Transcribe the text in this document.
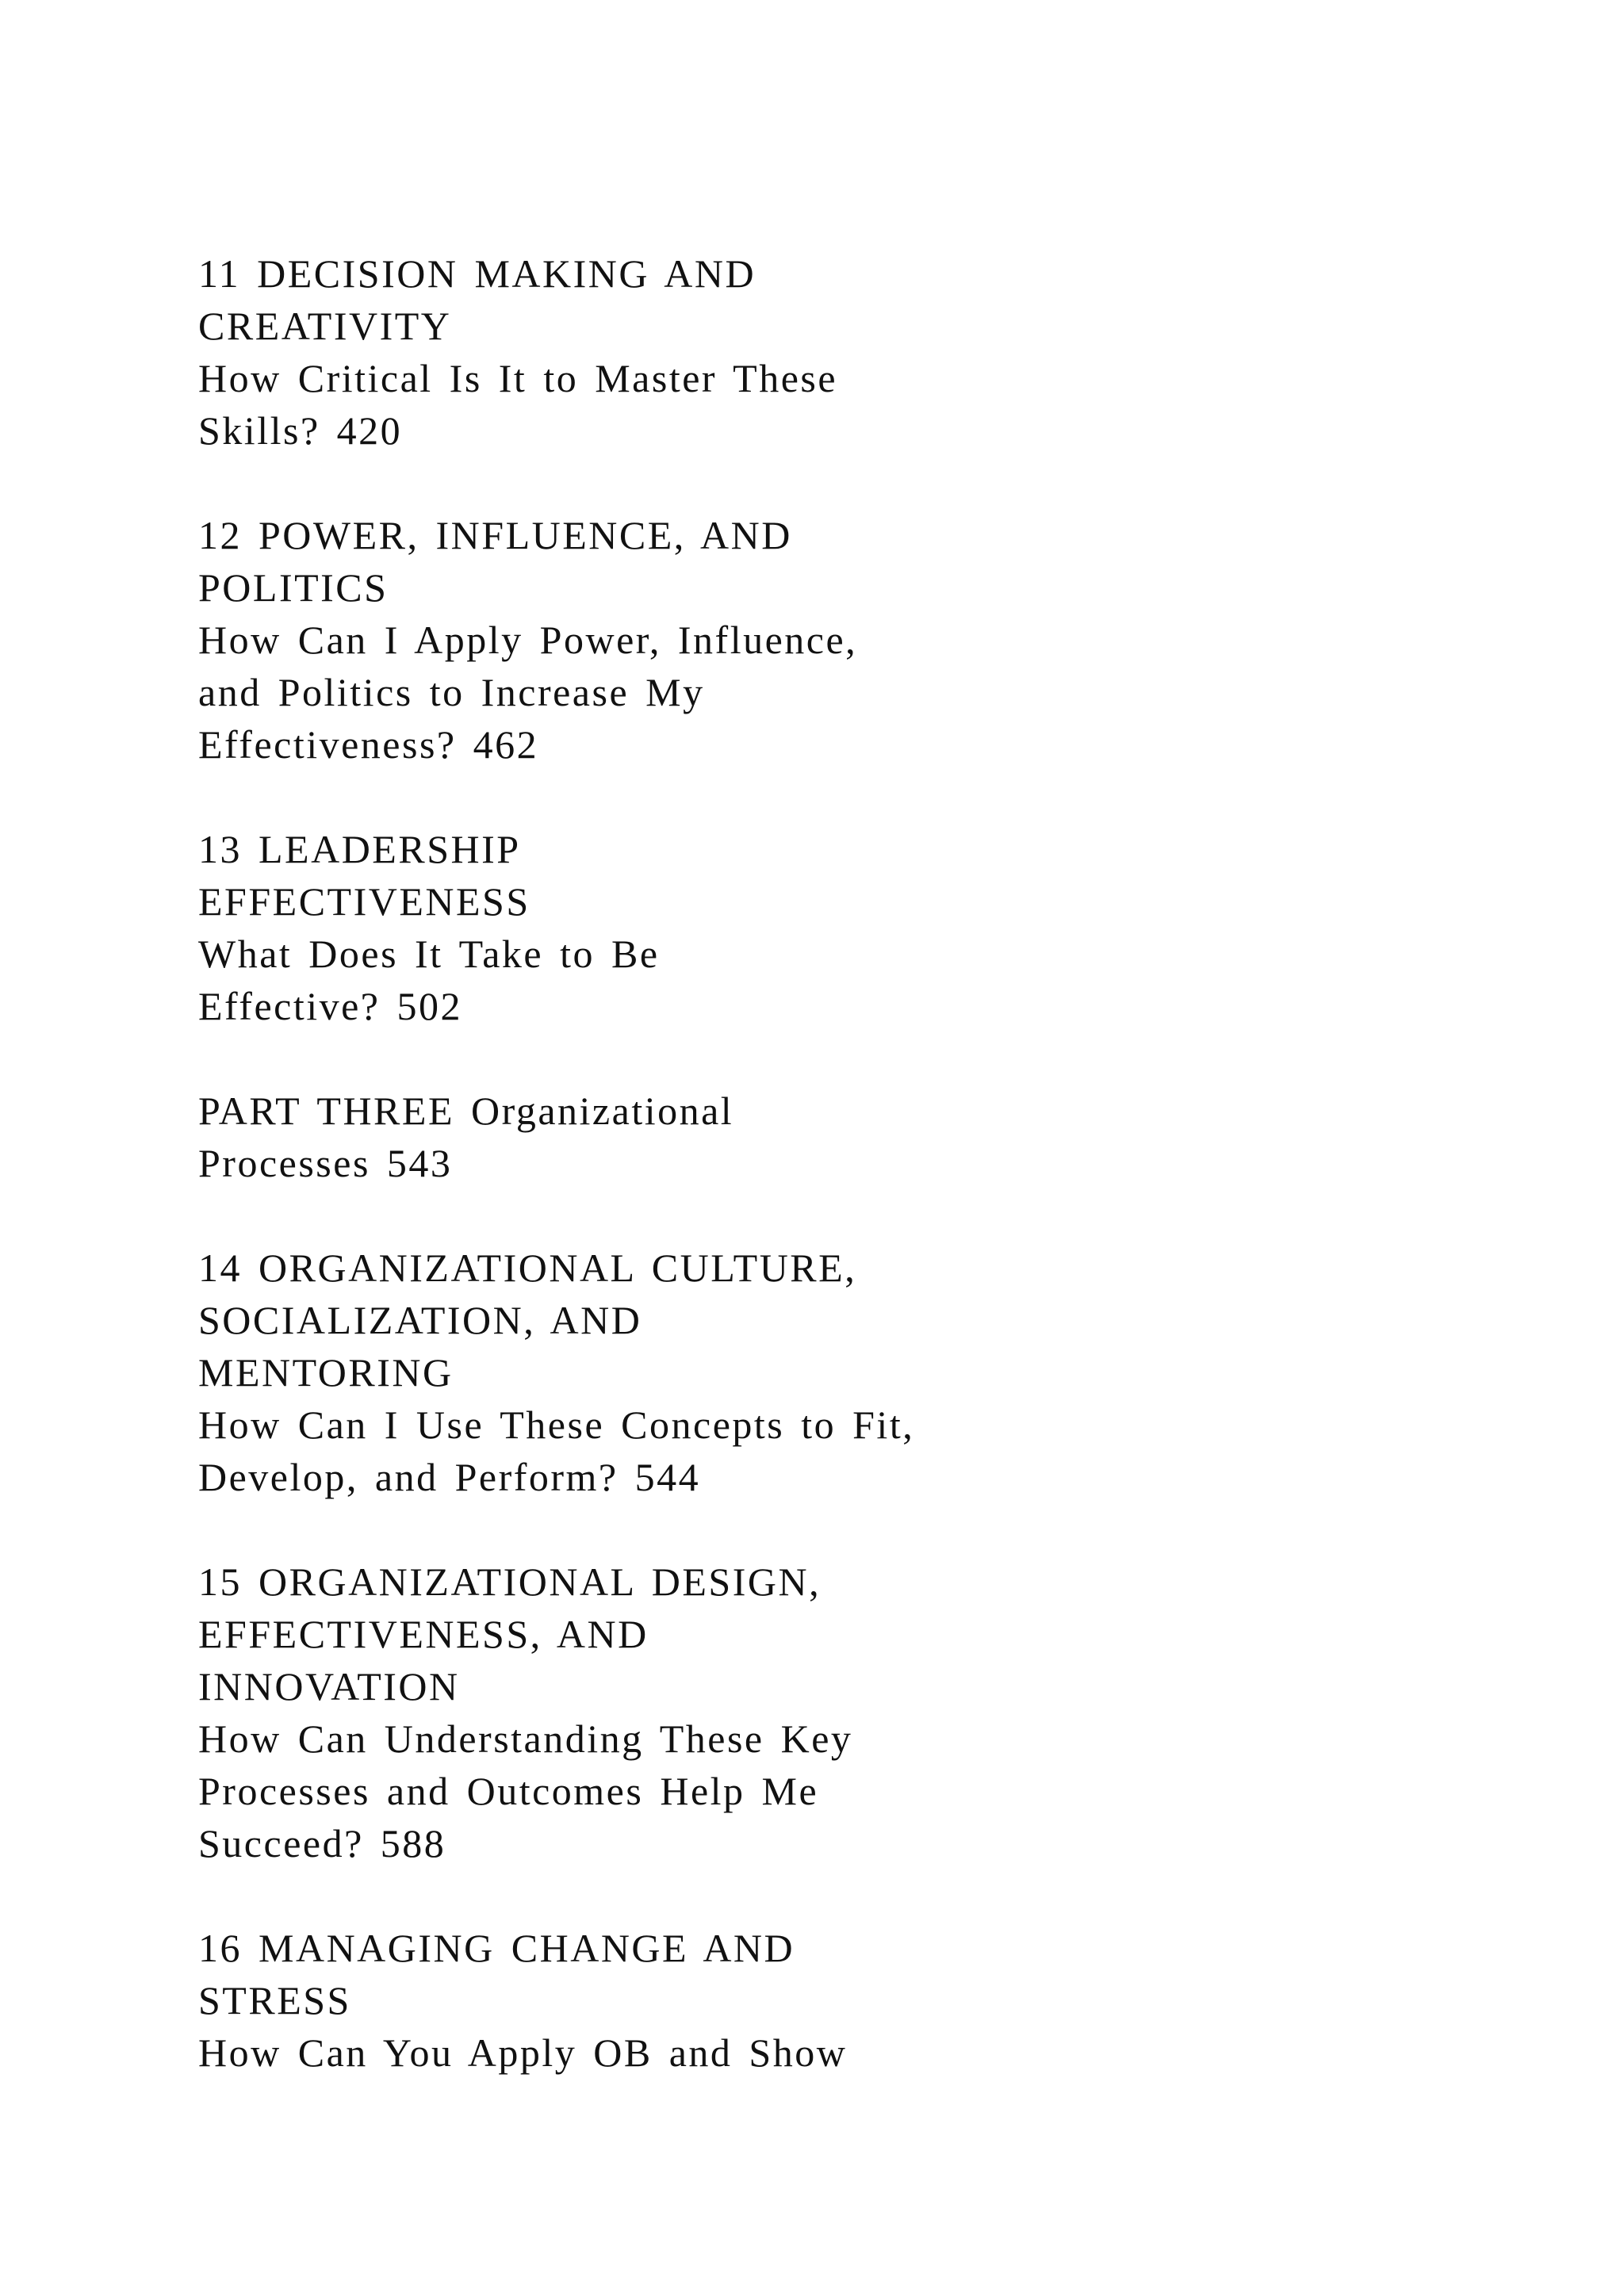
11 DECISION MAKING AND
CREATIVITY
How Critical Is It to Master These
Skills? 420
12 POWER, INFLUENCE, AND
POLITICS
How Can I Apply Power, Influence,
and Politics to Increase My
Effectiveness? 462
13 LEADERSHIP
EFFECTIVENESS
What Does It Take to Be
Effective? 502
PART THREE Organizational
Processes 543
14 ORGANIZATIONAL CULTURE,
SOCIALIZATION, AND
MENTORING
How Can I Use These Concepts to Fit,
Develop, and Perform? 544
15 ORGANIZATIONAL DESIGN,
EFFECTIVENESS, AND
INNOVATION
How Can Understanding These Key
Processes and Outcomes Help Me
Succeed? 588
16 MANAGING CHANGE AND
STRESS
How Can You Apply OB and Show
